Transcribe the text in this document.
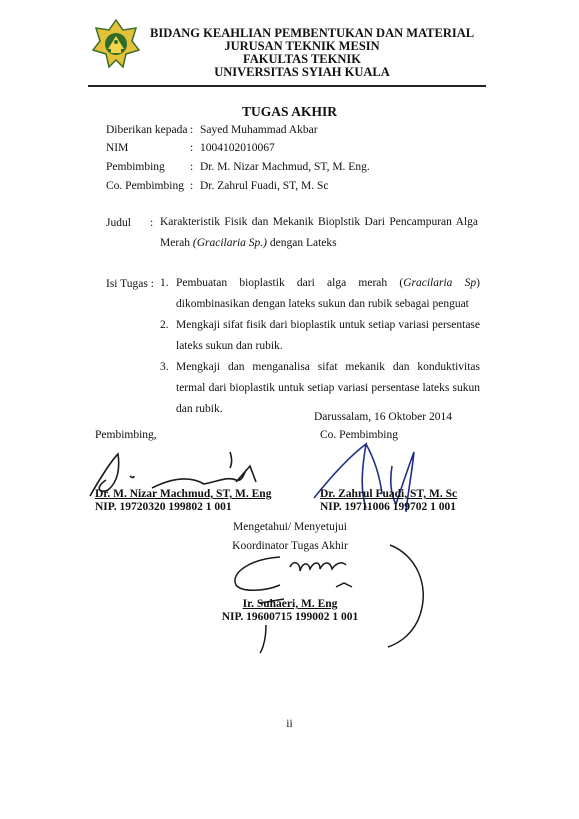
BIDANG KEAHLIAN PEMBENTUKAN DAN MATERIAL
JURUSAN TEKNIK MESIN
FAKULTAS TEKNIK
UNIVERSITAS SYIAH KUALA
TUGAS AKHIR
Diberikan kepada : Sayed Muhammad Akbar
NIM	: 1004102010067
Pembimbing : Dr. M. Nizar Machmud, ST, M. Eng.
Co. Pembimbing : Dr. Zahrul Fuadi, ST, M. Sc
Judul : Karakteristik Fisik dan Mekanik Bioplstik Dari Pencampuran Alga Merah (Gracilaria Sp.) dengan Lateks
Isi Tugas : 1. Pembuatan bioplastik dari alga merah (Gracilaria Sp) dikombinasikan dengan lateks sukun dan rubik sebagai penguat
2. Mengkaji sifat fisik dari bioplastik untuk setiap variasi persentase lateks sukun dan rubik.
3. Mengkaji dan menganalisa sifat mekanik dan konduktivitas termal dari bioplastik untuk setiap variasi persentase lateks sukun dan rubik.
Darussalam, 16 Oktober 2014
Pembimbing,
Dr. M. Nizar Machmud, ST, M. Eng
NIP. 19720320 199802 1 001
Co. Pembimbing
Dr. Zahrul Fuadi, ST, M. Sc
NIP. 19711006 199702 1 001
Mengetahui/ Menyetujui
Koordinator Tugas Akhir
Ir. Suhaeri, M. Eng
NIP. 19600715 199002 1 001
ii
